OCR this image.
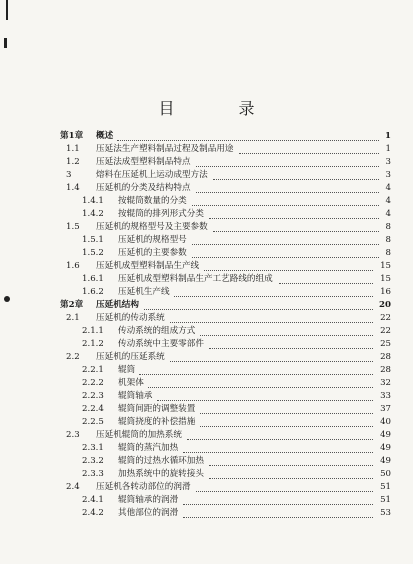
目　录
第1章 概述	1
1.1 压延法生产塑料制品过程及制品用途	1
1.2 压延法成型塑料制品特点	3
3	熔料在压延机上运动成型方法	3
1.4 压延机的分类及结构特点	4
1.4.1 按辊筒数量的分类	4
1.4.2 按辊筒的排列形式分类	4
1.5 压延机的规格型号及主要参数	8
1.5.1 压延机的规格型号	8
1.5.2 压延机的主要参数	8
1.6 压延机成型塑料制品生产线	15
1.6.1 压延机成型塑料制品生产工艺路线的组成	15
1.6.2 压延机生产线	16
第2章 压延机结构	20
2.1 压延机的传动系统	22
2.1.1 传动系统的组成方式	22
2.1.2 传动系统中主要零部件	25
2.2 压延机的压延系统	28
2.2.1 辊筒	28
2.2.2 机架体	32
2.2.3 辊筒轴承	33
2.2.4 辊筒间距的调整装置	37
2.2.5 辊筒挠度的补偿措施	40
2.3 压延机辊筒的加热系统	49
2.3.1 辊筒的蒸汽加热	49
2.3.2 辊筒的过热水循环加热	49
2.3.3 加热系统中的旋转接头	50
2.4 压延机各转动部位的润滑	51
2.4.1 辊筒轴承的润滑	51
2.4.2 其他部位的润滑	53
